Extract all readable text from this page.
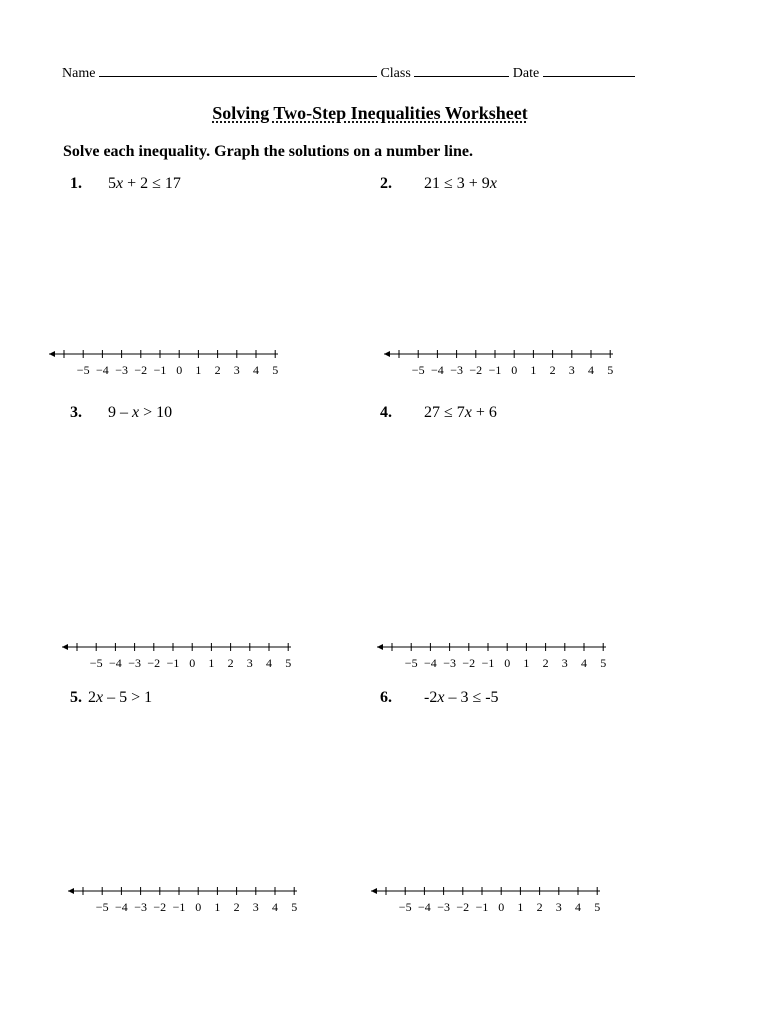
Name	Class	Date
Solving Two-Step Inequalities Worksheet
Solve each inequality. Graph the solutions on a number line.
1. 5x + 2 ≤ 17	2. 21 ≤ 3 + 9x
3. 9 – x > 10	4. 27 ≤ 7x + 6
5. 2x – 5 > 1	6. -2x – 3 ≤ -5
−5 −4 −3 −2 −1 0 1 2 3 4 5	−5 −4 −3 −2 −1 0 1 2 3 4 5
−5 −4 −3 −2 −1 0 1 2 3 4 5	−5 −4 −3 −2 −1 0 1 2 3 4 5
−5 −4 −3 −2 −1 0 1 2 3 4 5	−5 −4 −3 −2 −1 0 1 2 3 4 5
